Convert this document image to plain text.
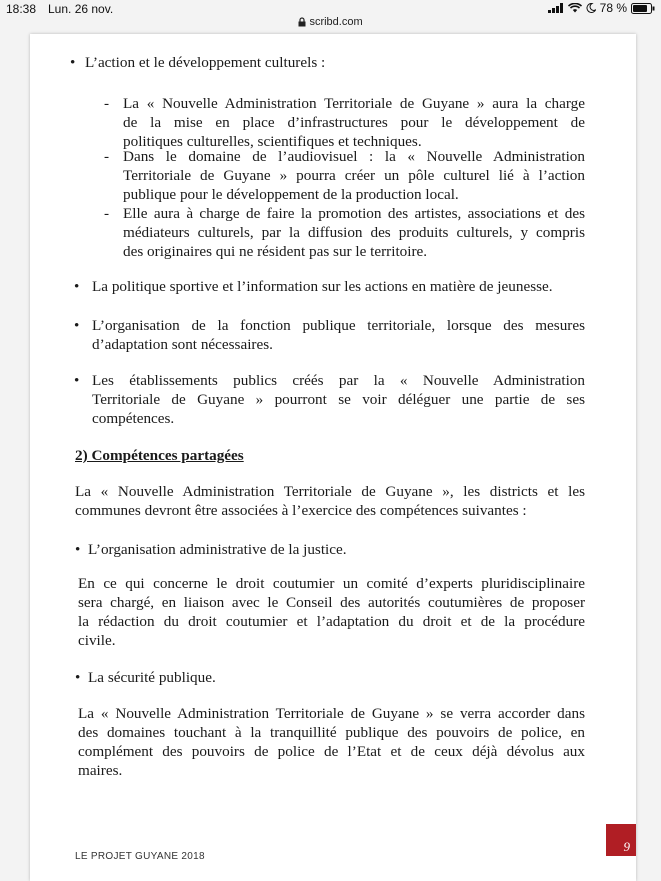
18:38 Lun. 26 nov.	78 %
scribd.com
• L’action et le développement culturels :
- La « Nouvelle Administration Territoriale de Guyane » aura la charge
de la mise en place d’infrastructures pour le développement de
politiques culturelles, scientifiques et techniques.
- Dans le domaine de l’audiovisuel : la « Nouvelle Administration
Territoriale de Guyane » pourra créer un pôle culturel lié à l’action
publique pour le développement de la production local.
- Elle aura à charge de faire la promotion des artistes, associations et des
médiateurs culturels, par la diffusion des produits culturels, y compris
des originaires qui ne résident pas sur le territoire.
• La politique sportive et l’information sur les actions en matière de jeunesse.
• L’organisation de la fonction publique territoriale, lorsque des mesures
d’adaptation sont nécessaires.
• Les établissements publics créés par la « Nouvelle Administration
Territoriale de Guyane » pourront se voir déléguer une partie de ses
compétences.
2) Compétences partagées
La « Nouvelle Administration Territoriale de Guyane », les districts et les
communes devront être associées à l’exercice des compétences suivantes :
• L’organisation administrative de la justice.
En ce qui concerne le droit coutumier un comité d’experts pluridisciplinaire
sera chargé, en liaison avec le Conseil des autorités coutumières de proposer
la rédaction du droit coutumier et l’adaptation du droit et de la procédure
civile.
• La sécurité publique.
La « Nouvelle Administration Territoriale de Guyane » se verra accorder dans
des domaines touchant à la tranquillité publique des pouvoirs de police, en
complément des pouvoirs de police de l’Etat et de ceux déjà dévolus aux
maires.
LE PROJET GUYANE 2018
9
